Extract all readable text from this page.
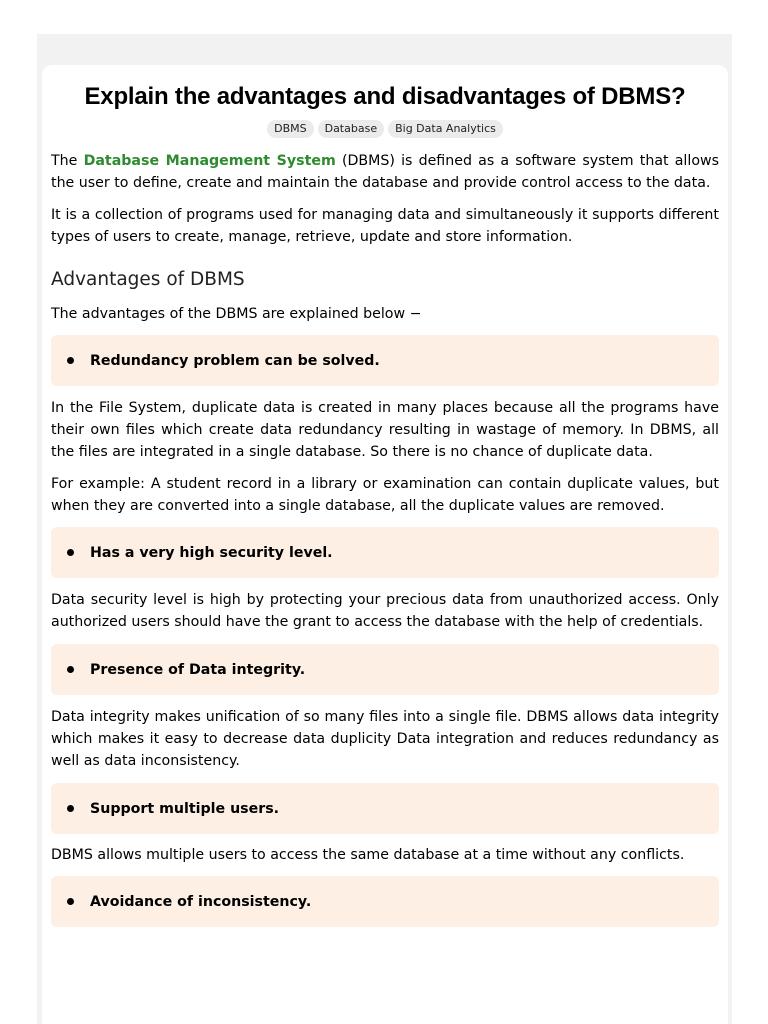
Explain the advantages and disadvantages of DBMS?
DBMS Database Big Data Analytics

The Database Management System (DBMS) is defined as a software system that allows the user to define, create and maintain the database and provide control access to the data.

It is a collection of programs used for managing data and simultaneously it supports different types of users to create, manage, retrieve, update and store information.

Advantages of DBMS

The advantages of the DBMS are explained below −

Redundancy problem can be solved.

In the File System, duplicate data is created in many places because all the programs have their own files which create data redundancy resulting in wastage of memory. In DBMS, all the files are integrated in a single database. So there is no chance of duplicate data.

For example: A student record in a library or examination can contain duplicate values, but when they are converted into a single database, all the duplicate values are removed.

Has a very high security level.

Data security level is high by protecting your precious data from unauthorized access. Only authorized users should have the grant to access the database with the help of credentials.

Presence of Data integrity.

Data integrity makes unification of so many files into a single file. DBMS allows data integrity which makes it easy to decrease data duplicity Data integration and reduces redundancy as well as data inconsistency.

Support multiple users.

DBMS allows multiple users to access the same database at a time without any conflicts.

Avoidance of inconsistency.
